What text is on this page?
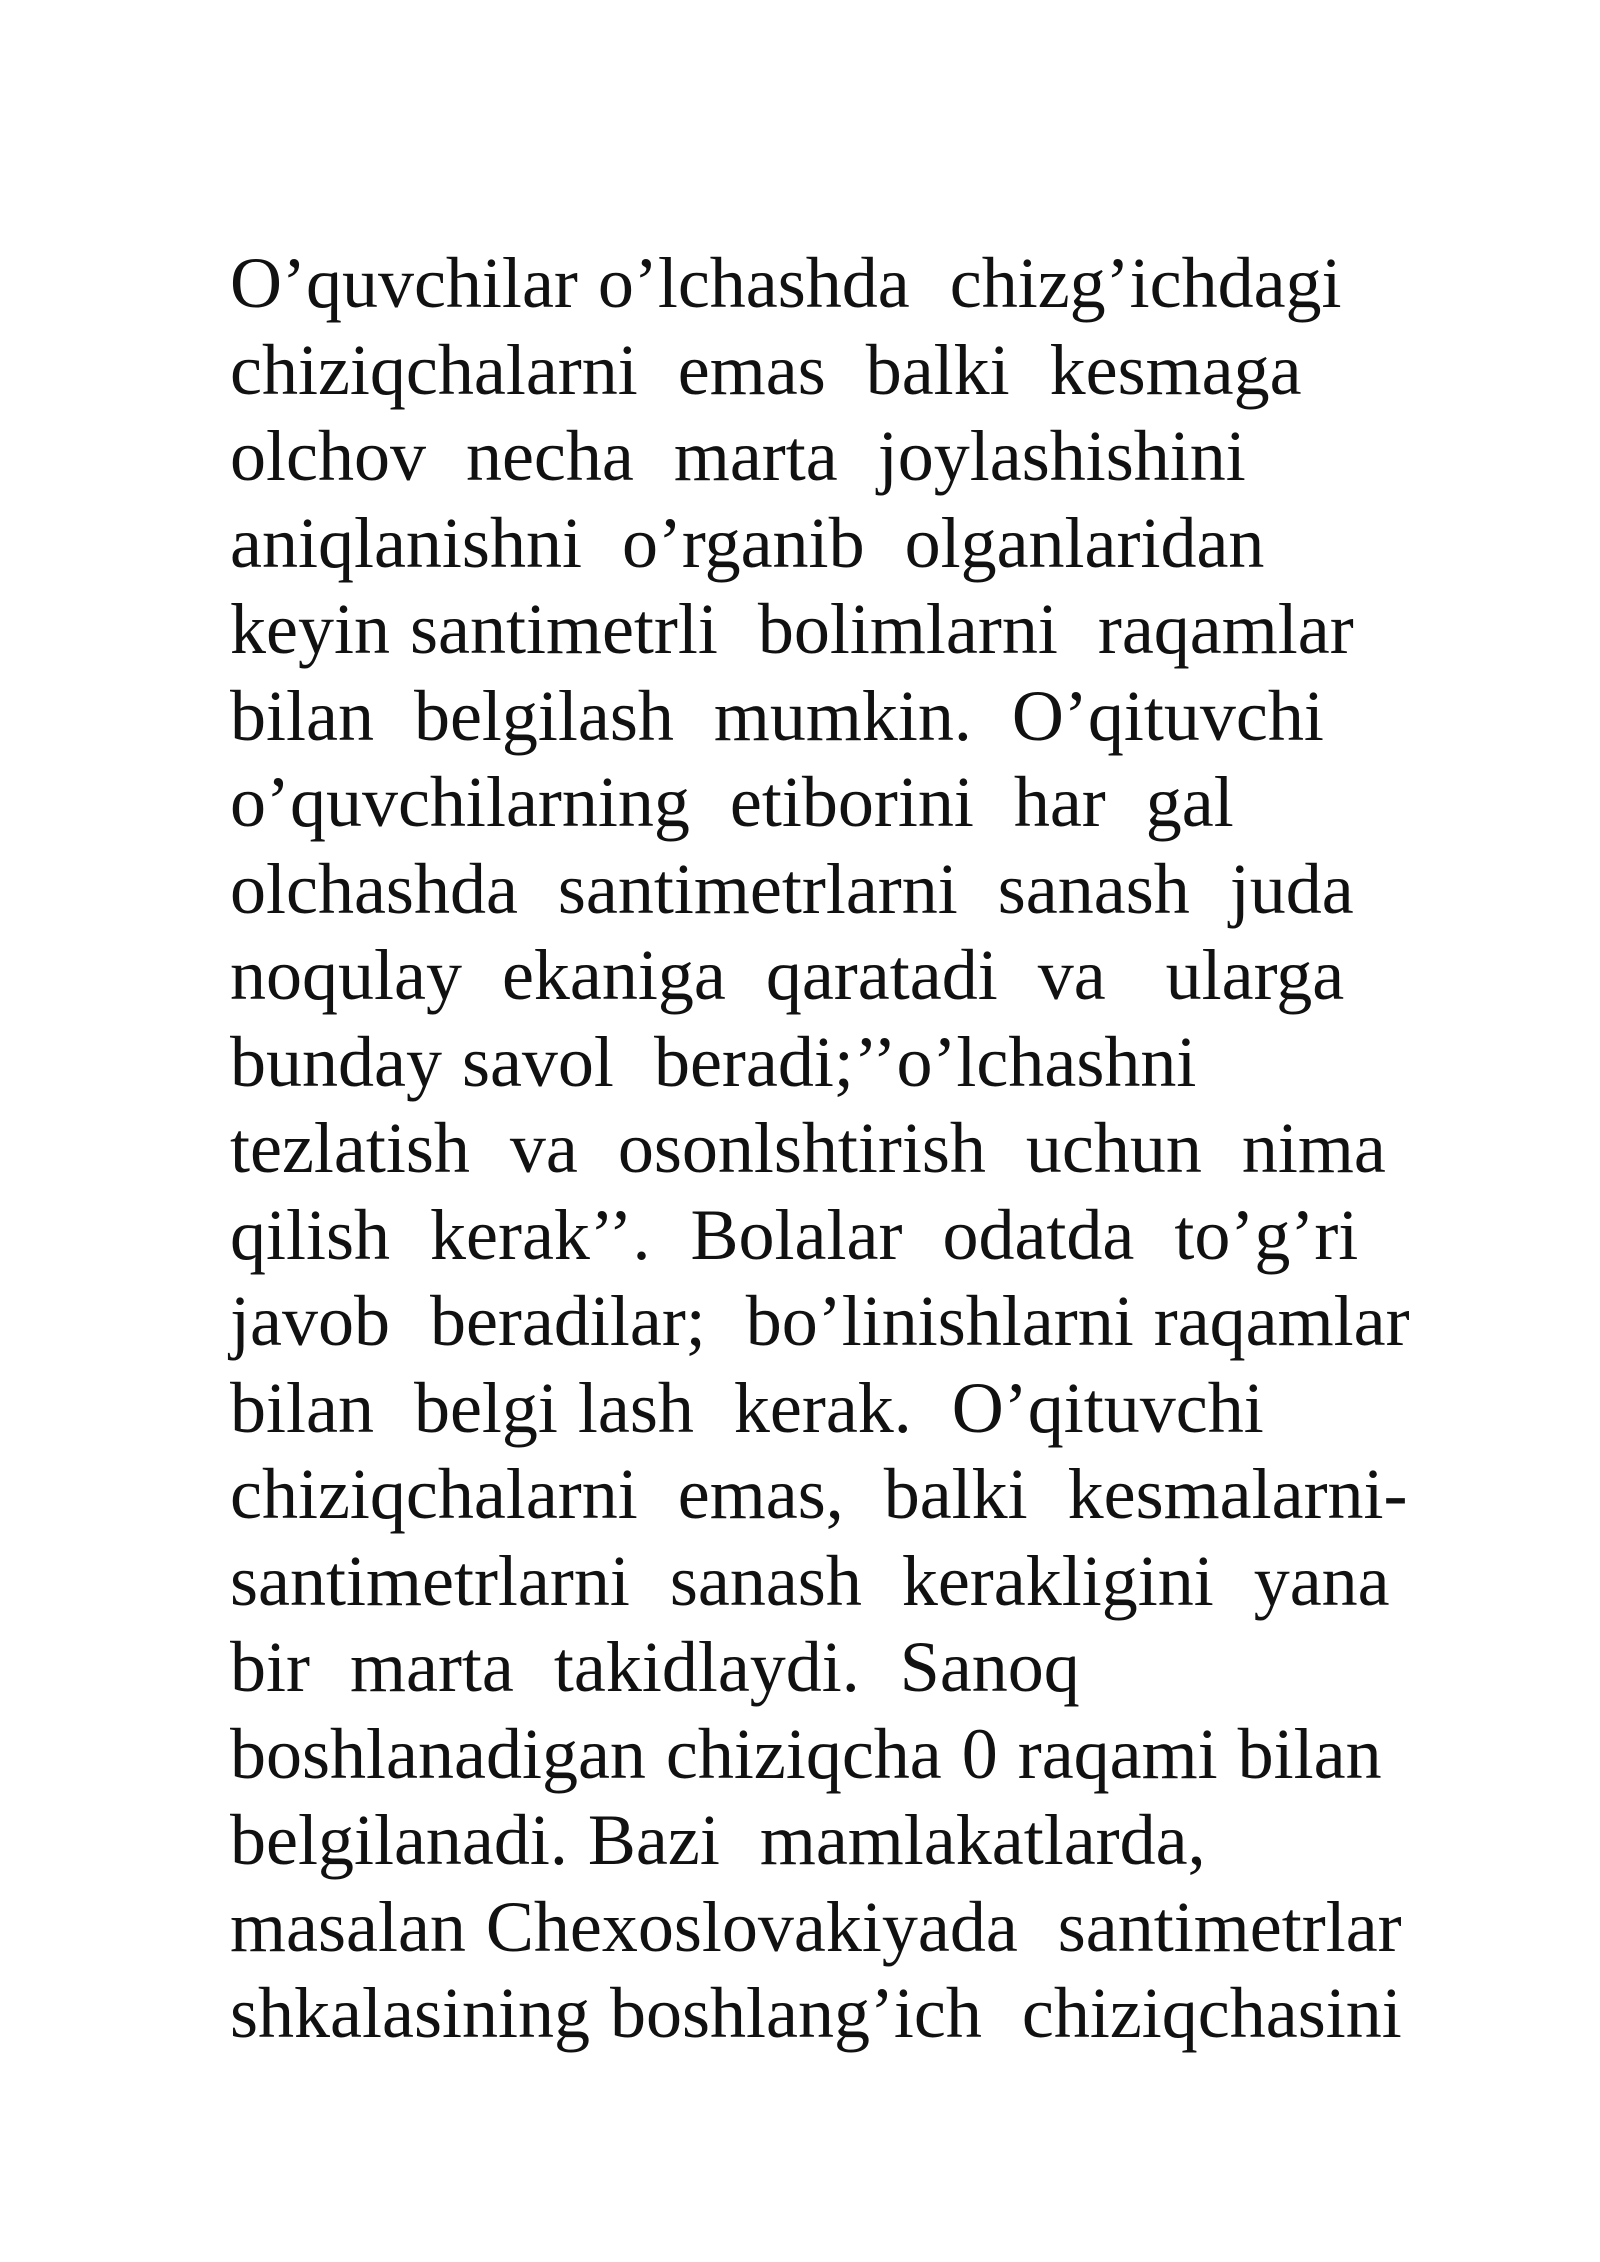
O’quvchilar o’lchashda  chizg’ichdagi
chiziqchalarni  emas  balki  kesmaga
olchov  necha  marta  joylashishini
aniqlanishni  o’rganib  olganlaridan
keyin santimetrli  bolimlarni  raqamlar
bilan  belgilash  mumkin.  O’qituvchi
o’quvchilarning  etiborini  har  gal
olchashda  santimetrlarni  sanash  juda
noqulay  ekaniga  qaratadi  va   ularga
bunday savol  beradi;’’o’lchashni
tezlatish  va  osonlshtirish  uchun  nima
qilish  kerak’’.  Bolalar  odatda  to’g’ri
javob  beradilar;  bo’linishlarni raqamlar
bilan  belgi lash  kerak.  O’qituvchi
chiziqchalarni  emas,  balki  kesmalarni-
santimetrlarni  sanash  kerakligini  yana
bir  marta  takidlaydi.  Sanoq
boshlanadigan chiziqcha 0 raqami bilan
belgilanadi. Bazi  mamlakatlarda,
masalan Chexoslovakiyada  santimetrlar
shkalasining boshlang’ich  chiziqchasini
